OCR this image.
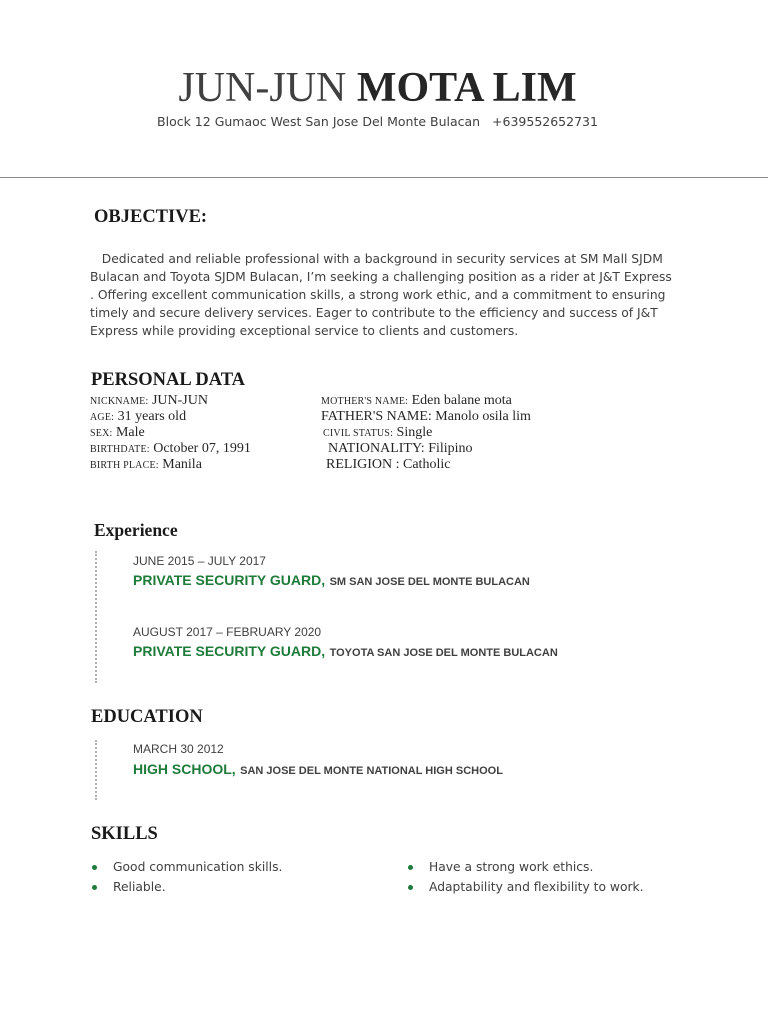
JUN-JUN MOTA LIM
Block 12 Gumaoc West San Jose Del Monte Bulacan +639552652731
OBJECTIVE:
Dedicated and reliable professional with a background in security services at SM Mall SJDM Bulacan and Toyota SJDM Bulacan, I’m seeking a challenging position as a rider at J&T Express . Offering excellent communication skills, a strong work ethic, and a commitment to ensuring timely and secure delivery services. Eager to contribute to the efficiency and success of J&T Express while providing exceptional service to clients and customers.
PERSONAL DATA
NICKNAME: JUN-JUN
AGE: 31 years old
SEX: Male
BIRTHDATE: October 07, 1991
BIRTH PLACE: Manila
MOTHER'S NAME: Eden balane mota
FATHER'S NAME: Manolo osila lim
CIVIL STATUS: Single
NATIONALITY: Filipino
RELIGION : Catholic
Experience
JUNE 2015 – JULY 2017
PRIVATE SECURITY GUARD, SM SAN JOSE DEL MONTE BULACAN
AUGUST 2017 – FEBRUARY 2020
PRIVATE SECURITY GUARD, TOYOTA SAN JOSE DEL MONTE BULACAN
EDUCATION
MARCH 30 2012
HIGH SCHOOL, SAN JOSE DEL MONTE NATIONAL HIGH SCHOOL
SKILLS
Good communication skills.
Reliable.
Have a strong work ethics.
Adaptability and flexibility to work.
